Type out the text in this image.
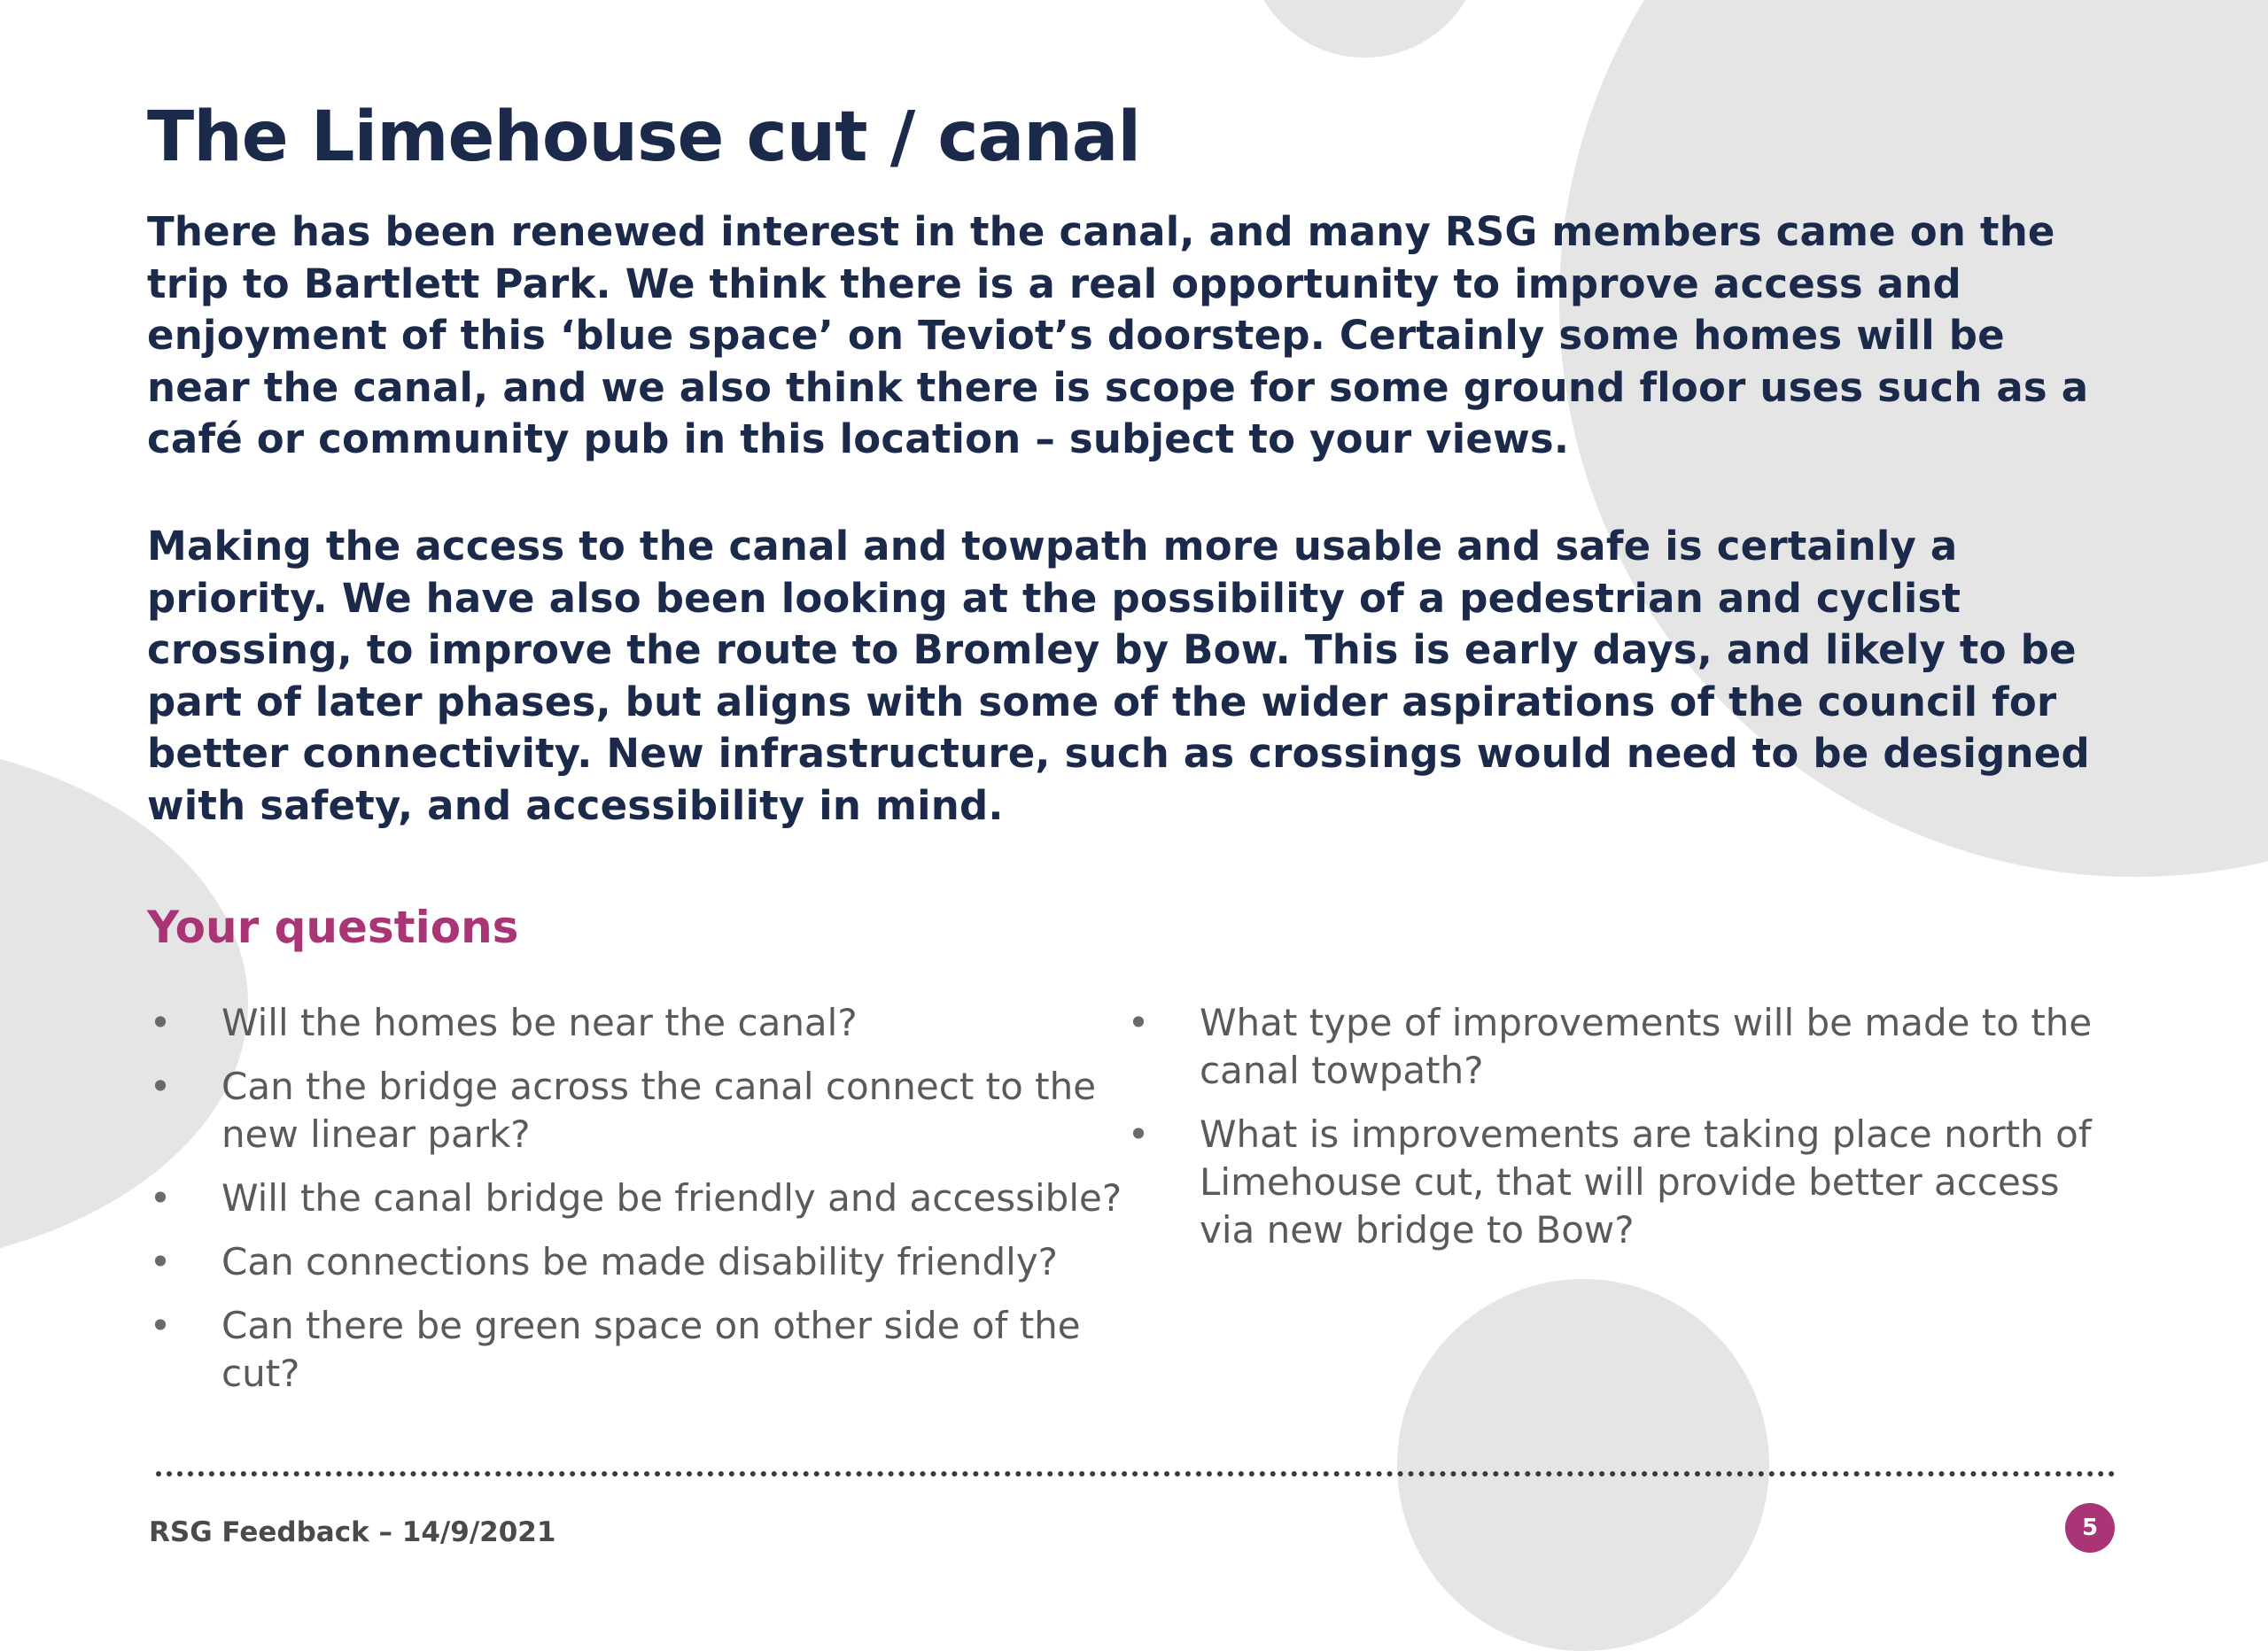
The Limehouse cut / canal

There has been renewed interest in the canal, and many RSG members came on the trip to Bartlett Park. We think there is a real opportunity to improve access and enjoyment of this ‘blue space’ on Teviot’s doorstep. Certainly some homes will be near the canal, and we also think there is scope for some ground floor uses such as a café or community pub in this location – subject to your views.

Making the access to the canal and towpath more usable and safe is certainly a priority. We have also been looking at the possibility of a pedestrian and cyclist crossing, to improve the route to Bromley by Bow. This is early days, and likely to be part of later phases, but aligns with some of the wider aspirations of the council for better connectivity. New infrastructure, such as crossings would need to be designed with safety, and accessibility in mind.

Your questions
• Will the homes be near the canal?
• Can the bridge across the canal connect to the new linear park?
• Will the canal bridge be friendly and accessible?
• Can connections be made disability friendly?
• Can there be green space on other side of the cut?
• What type of improvements will be made to the canal towpath?
• What is improvements are taking place north of Limehouse cut, that will provide better access via new bridge to Bow?

RSG Feedback – 14/9/2021	5
